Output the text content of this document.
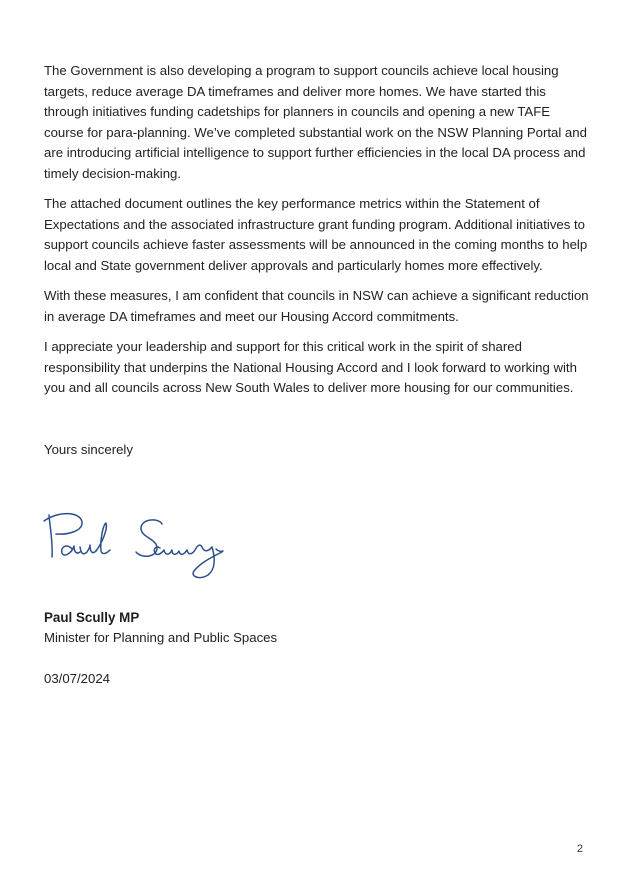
The Government is also developing a program to support councils achieve local housing targets, reduce average DA timeframes and deliver more homes. We have started this through initiatives funding cadetships for planners in councils and opening a new TAFE course for para-planning. We’ve completed substantial work on the NSW Planning Portal and are introducing artificial intelligence to support further efficiencies in the local DA process and timely decision-making.

The attached document outlines the key performance metrics within the Statement of Expectations and the associated infrastructure grant funding program. Additional initiatives to support councils achieve faster assessments will be announced in the coming months to help local and State government deliver approvals and particularly homes more effectively.

With these measures, I am confident that councils in NSW can achieve a significant reduction in average DA timeframes and meet our Housing Accord commitments.

I appreciate your leadership and support for this critical work in the spirit of shared responsibility that underpins the National Housing Accord and I look forward to working with you and all councils across New South Wales to deliver more housing for our communities.

Yours sincerely

Paul Scully MP
Minister for Planning and Public Spaces

03/07/2024

2
